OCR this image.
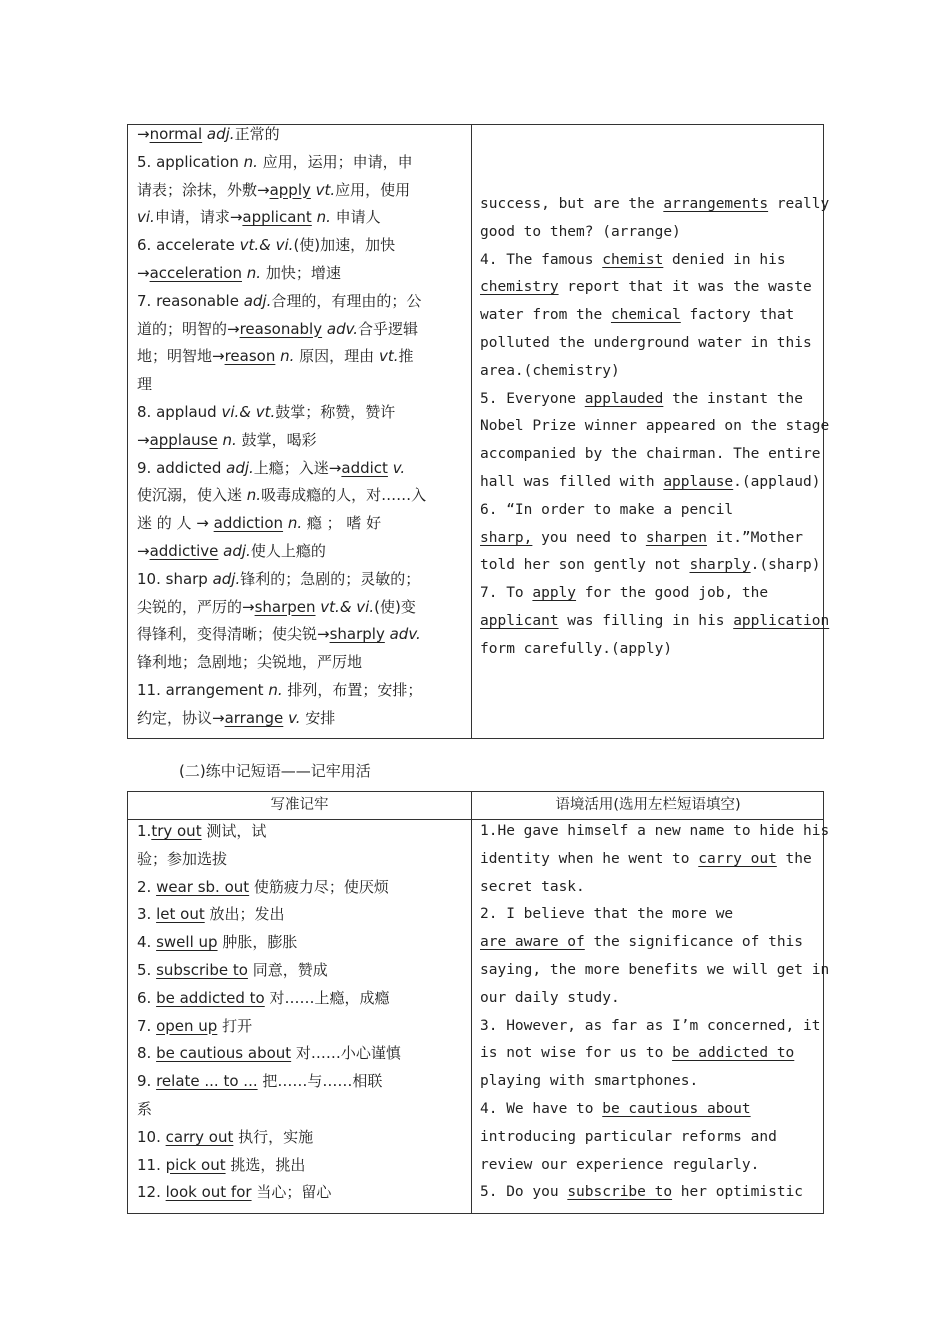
→normal adj.正常的
5. application n. 应用，运用；申请，申
请表；涂抹，外敷→apply vt.应用，使用
vi.申请，请求→applicant n. 申请人
6. accelerate vt.& vi.(使)加速，加快
→acceleration n. 加快；增速
7. reasonable adj.合理的，有理由的；公
道的；明智的→reasonably adv.合乎逻辑
地；明智地→reason n. 原因，理由 vt.推
理
8. applaud vi.& vt.鼓掌；称赞，赞许
→applause n. 鼓掌，喝彩
9. addicted adj.上瘾；入迷→addict v.
使沉溺，使入迷 n.吸毒成瘾的人，对……入
迷 的 人 → addiction n. 瘾 ； 嗜 好
→addictive adj.使人上瘾的
10. sharp adj.锋利的；急剧的；灵敏的；
尖锐的，严厉的→sharpen vt.& vi.(使)变
得锋利，变得清晰；使尖锐→sharply adv.
锋利地；急剧地；尖锐地，严厉地
11. arrangement n. 排列，布置；安排；
约定，协议→arrange v. 安排
success, but are the arrangements really
good to them? (arrange)
4. The famous chemist denied in his
chemistry report that it was the waste
water from the chemical factory that
polluted the underground water in this
area.(chemistry)
5. Everyone applauded the instant the
Nobel Prize winner appeared on the stage
accompanied by the chairman. The entire
hall was filled with applause.(applaud)
6. “In order to make a pencil
sharp, you need to sharpen it.”Mother
told her son gently not sharply.(sharp)
7. To apply for the good job, the
applicant was filling in his application
form carefully.(apply)
(二)练中记短语——记牢用活
写准记牢	语境活用(选用左栏短语填空)
1.try out 测试，试
验；参加选拔
2. wear sb. out 使筋疲力尽；使厌烦
3. let out 放出；发出
4. swell up 肿胀，膨胀
5. subscribe to 同意，赞成
6. be addicted to 对……上瘾，成瘾
7. open up 打开
8. be cautious about 对……小心谨慎
9. relate ... to ... 把……与……相联
系
10. carry out 执行，实施
11. pick out 挑选，挑出
12. look out for 当心；留心
1.He gave himself a new name to hide his
identity when he went to carry out the
secret task.
2. I believe that the more we
are aware of the significance of this
saying, the more benefits we will get in
our daily study.
3. However, as far as I’m concerned, it
is not wise for us to be addicted to
playing with smartphones.
4. We have to be cautious about
introducing particular reforms and
review our experience regularly.
5. Do you subscribe to her optimistic
